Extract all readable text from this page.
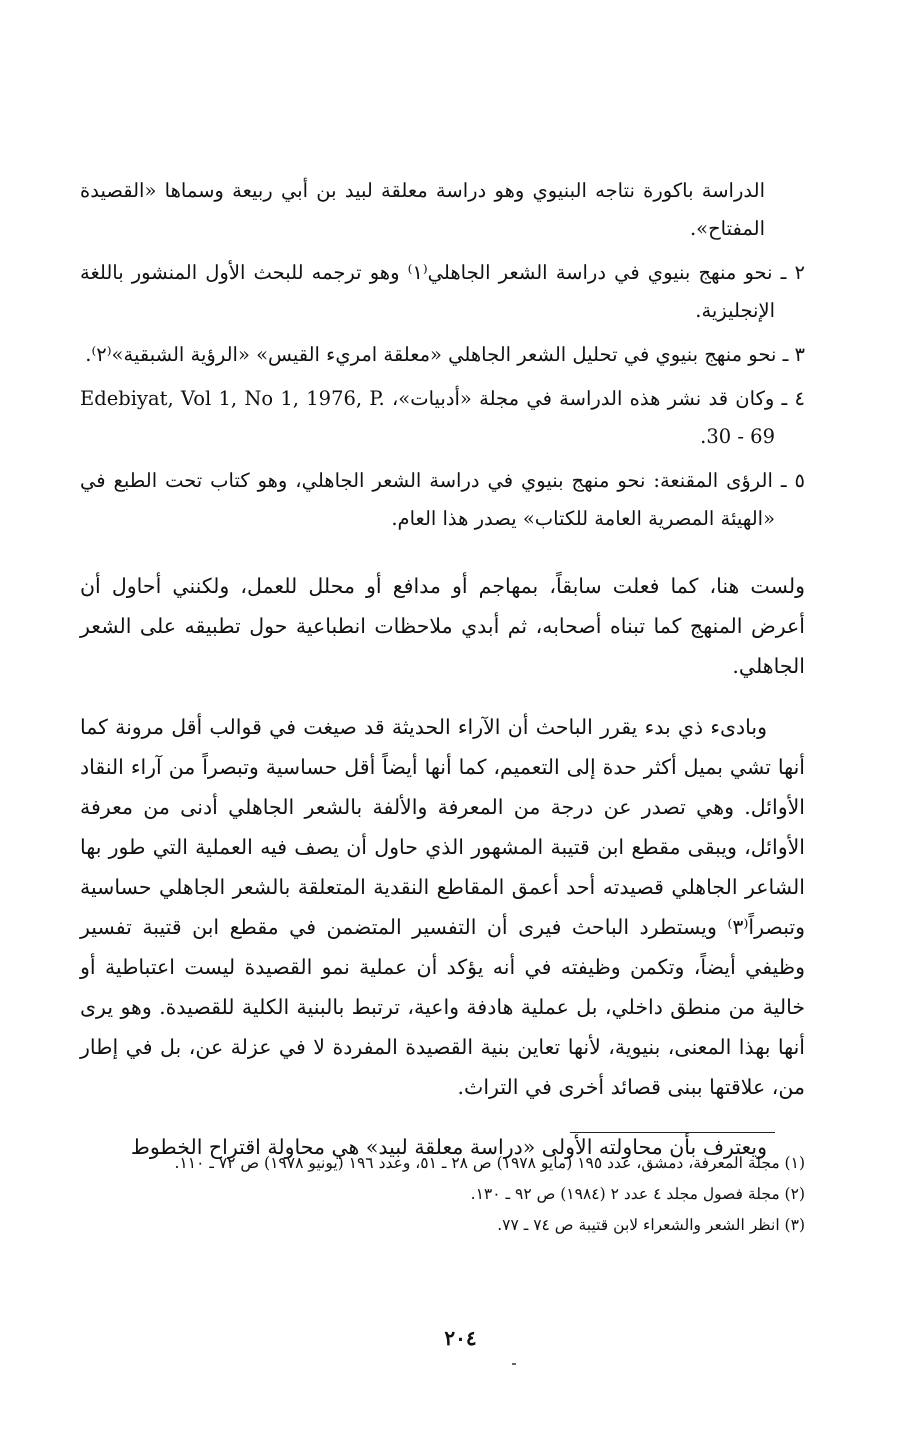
الدراسة باكورة نتاجه البنيوي وهو دراسة معلقة لبيد بن أبي ربيعة وسماها «القصيدة المفتاح».
٢ ـ نحو منهج بنيوي في دراسة الشعر الجاهلي⁽١⁾ وهو ترجمه للبحث الأول المنشور باللغة الإنجليزية.
٣ ـ نحو منهج بنيوي في تحليل الشعر الجاهلي «معلقة امريء القيس» «الرؤية الشبقية»⁽٢⁾.
٤ ـ وكان قد نشر هذه الدراسة في مجلة «أدبيات»، Edebiyat, Vol 1, No 1, 1976, P. 30 - 69.
٥ ـ الرؤى المقنعة: نحو منهج بنيوي في دراسة الشعر الجاهلي، وهو كتاب تحت الطبع في «الهيئة المصرية العامة للكتاب» يصدر هذا العام.

ولست هنا، كما فعلت سابقاً، بمهاجم أو مدافع أو محلل للعمل، ولكنني أحاول أن أعرض المنهج كما تبناه أصحابه، ثم أبدي ملاحظات انطباعية حول تطبيقه على الشعر الجاهلي.

وبادىء ذي بدء يقرر الباحث أن الآراء الحديثة قد صيغت في قوالب أقل مرونة كما أنها تشي بميل أكثر حدة إلى التعميم، كما أنها أيضاً أقل حساسية وتبصراً من آراء النقاد الأوائل. وهي تصدر عن درجة من المعرفة والألفة بالشعر الجاهلي أدنى من معرفة الأوائل، ويبقى مقطع ابن قتيبة المشهور الذي حاول أن يصف فيه العملية التي طور بها الشاعر الجاهلي قصيدته أحد أعمق المقاطع النقدية المتعلقة بالشعر الجاهلي حساسية وتبصراً⁽٣⁾ ويستطرد الباحث فيرى أن التفسير المتضمن في مقطع ابن قتيبة تفسير وظيفي أيضاً، وتكمن وظيفته في أنه يؤكد أن عملية نمو القصيدة ليست اعتباطية أو خالية من منطق داخلي، بل عملية هادفة واعية، ترتبط بالبنية الكلية للقصيدة. وهو يرى أنها بهذا المعنى، بنيوية، لأنها تعاين بنية القصيدة المفردة لا في عزلة عن، بل في إطار من، علاقتها ببنى قصائد أخرى في التراث.

ويعترف بأن محاولته الأولى «دراسة معلقة لبيد» هي محاولة اقتراح الخطوط

(١) مجلة المعرفة، دمشق، عدد ١٩٥ (مايو ١٩٧٨) ص ٢٨ ـ ٥١، وعدد ١٩٦ (يونيو ١٩٧٨) ص ٧٢ ـ ١١٠.
(٢) مجلة فصول مجلد ٤ عدد ٢ (١٩٨٤) ص ٩٢ ـ ١٣٠.
(٣) انظر الشعر والشعراء لابن قتيبة ص ٧٤ ـ ٧٧.
٢٠٤
